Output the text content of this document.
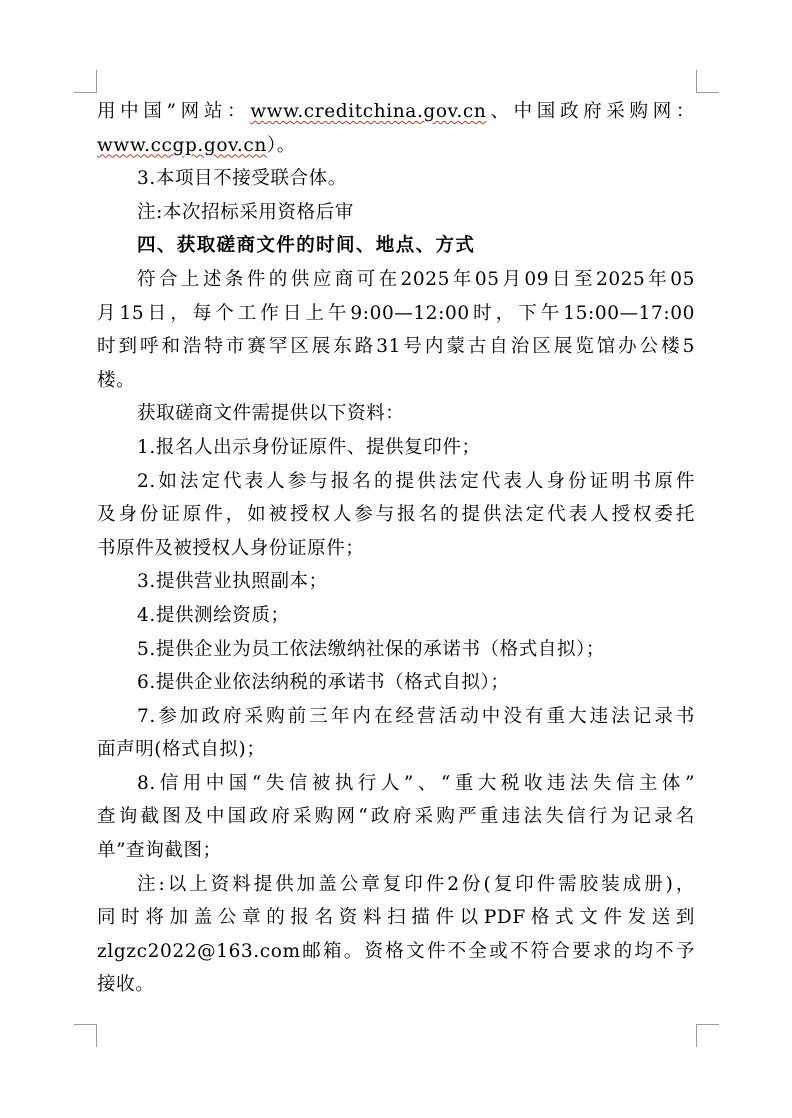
用中国”网站：www.creditchina.gov.cn、中国政府采购网：
www.ccgp.gov.cn）。
3.本项目不接受联合体。
注:本次招标采用资格后审
四、获取磋商文件的时间、地点、方式
符合上述条件的供应商可在2025年05月09日至2025年05
月15日，每个工作日上午9:00—12:00时，下午15:00—17:00
时到呼和浩特市赛罕区展东路31号内蒙古自治区展览馆办公楼5
楼。
获取磋商文件需提供以下资料：
1.报名人出示身份证原件、提供复印件；
2.如法定代表人参与报名的提供法定代表人身份证明书原件
及身份证原件，如被授权人参与报名的提供法定代表人授权委托
书原件及被授权人身份证原件；
3.提供营业执照副本；
4.提供测绘资质；
5.提供企业为员工依法缴纳社保的承诺书（格式自拟）；
6.提供企业依法纳税的承诺书（格式自拟）；
7.参加政府采购前三年内在经营活动中没有重大违法记录书
面声明(格式自拟)；
8.信用中国“失信被执行人”、“重大税收违法失信主体”
查询截图及中国政府采购网“政府采购严重违法失信行为记录名
单”查询截图；
注:以上资料提供加盖公章复印件2份(复印件需胶装成册)，
同时将加盖公章的报名资料扫描件以PDF格式文件发送到
zlgzc2022@163.com邮箱。资格文件不全或不符合要求的均不予
接收。
